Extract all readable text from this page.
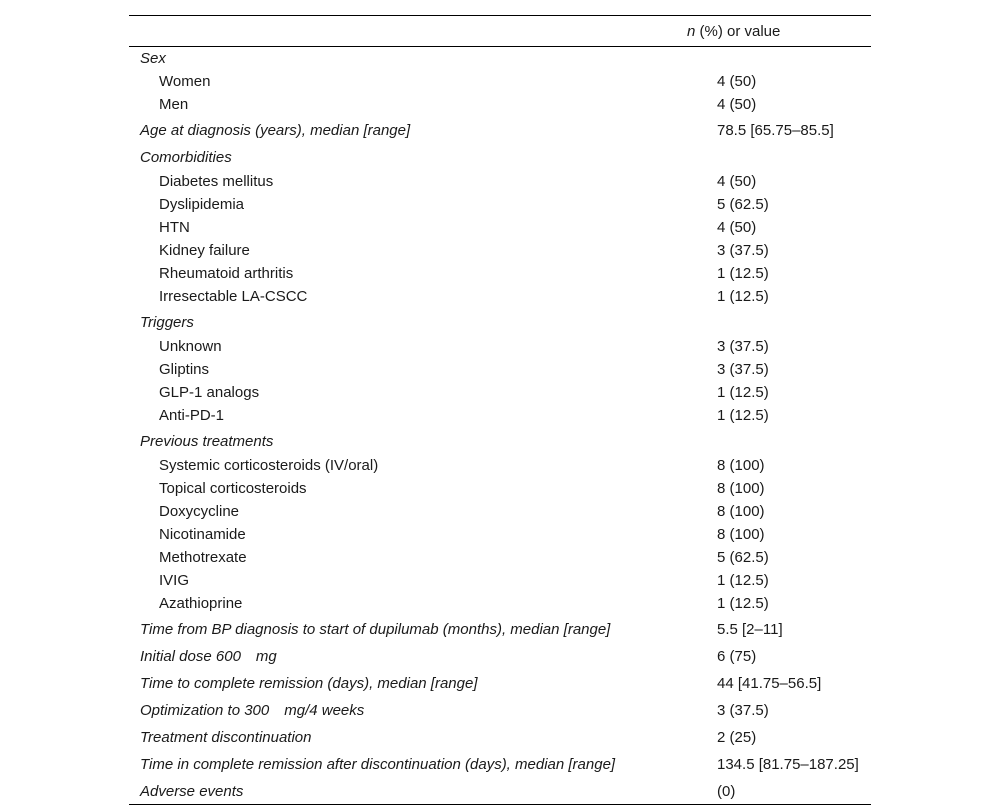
n (%) or value	
Sex	
Women	4 (50)
Men	4 (50)
Age at diagnosis (years), median [range]	78.5 [65.75–85.5]
Comorbidities	
Diabetes mellitus	4 (50)
Dyslipidemia	5 (62.5)
HTN	4 (50)
Kidney failure	3 (37.5)
Rheumatoid arthritis	1 (12.5)
Irresectable LA-CSCC	1 (12.5)
Triggers	
Unknown	3 (37.5)
Gliptins	3 (37.5)
GLP-1 analogs	1 (12.5)
Anti-PD-1	1 (12.5)
Previous treatments	
Systemic corticosteroids (IV/oral)	8 (100)
Topical corticosteroids	8 (100)
Doxycycline	8 (100)
Nicotinamide	8 (100)
Methotrexate	5 (62.5)
IVIG	1 (12.5)
Azathioprine	1 (12.5)
Time from BP diagnosis to start of dupilumab (months), median [range]	5.5 [2–11]
Initial dose 600  mg	6 (75)
Time to complete remission (days), median [range]	44 [41.75–56.5]
Optimization to 300  mg/4 weeks	3 (37.5)
Treatment discontinuation	2 (25)
Time in complete remission after discontinuation (days), median [range]	134.5 [81.75–187.25]
Adverse events	(0)
